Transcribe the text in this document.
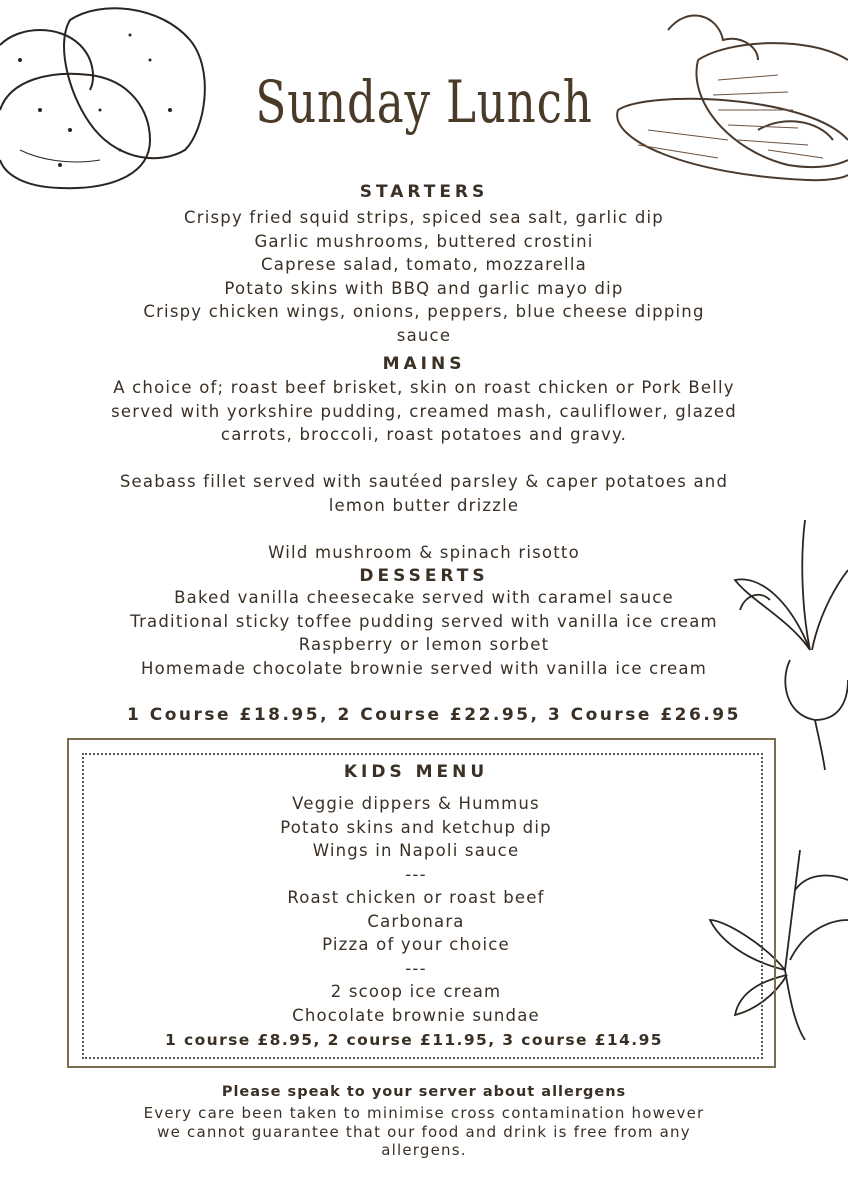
Sunday Lunch
STARTERS
Crispy fried squid strips, spiced sea salt, garlic dip
Garlic mushrooms, buttered crostini
Caprese salad, tomato, mozzarella
Potato skins with BBQ and garlic mayo dip
Crispy chicken wings, onions, peppers, blue cheese dipping
sauce
MAINS
A choice of; roast beef brisket, skin on roast chicken or Pork Belly
served with yorkshire pudding, creamed mash, cauliflower, glazed
carrots, broccoli, roast potatoes and gravy.

Seabass fillet served with sautéed parsley & caper potatoes and
lemon butter drizzle

Wild mushroom & spinach risotto
DESSERTS
Baked vanilla cheesecake served with caramel sauce
Traditional sticky toffee pudding served with vanilla ice cream
Raspberry or lemon sorbet
Homemade chocolate brownie served with vanilla ice cream
1 Course £18.95, 2 Course £22.95, 3 Course £26.95
KIDS MENU
Veggie dippers & Hummus
Potato skins and ketchup dip
Wings in Napoli sauce
---
Roast chicken or roast beef
Carbonara
Pizza of your choice
---
2 scoop ice cream
Chocolate brownie sundae
1 course £8.95, 2 course £11.95, 3 course £14.95
Please speak to your server about allergens
Every care been taken to minimise cross contamination however
we cannot guarantee that our food and drink is free from any
allergens.
